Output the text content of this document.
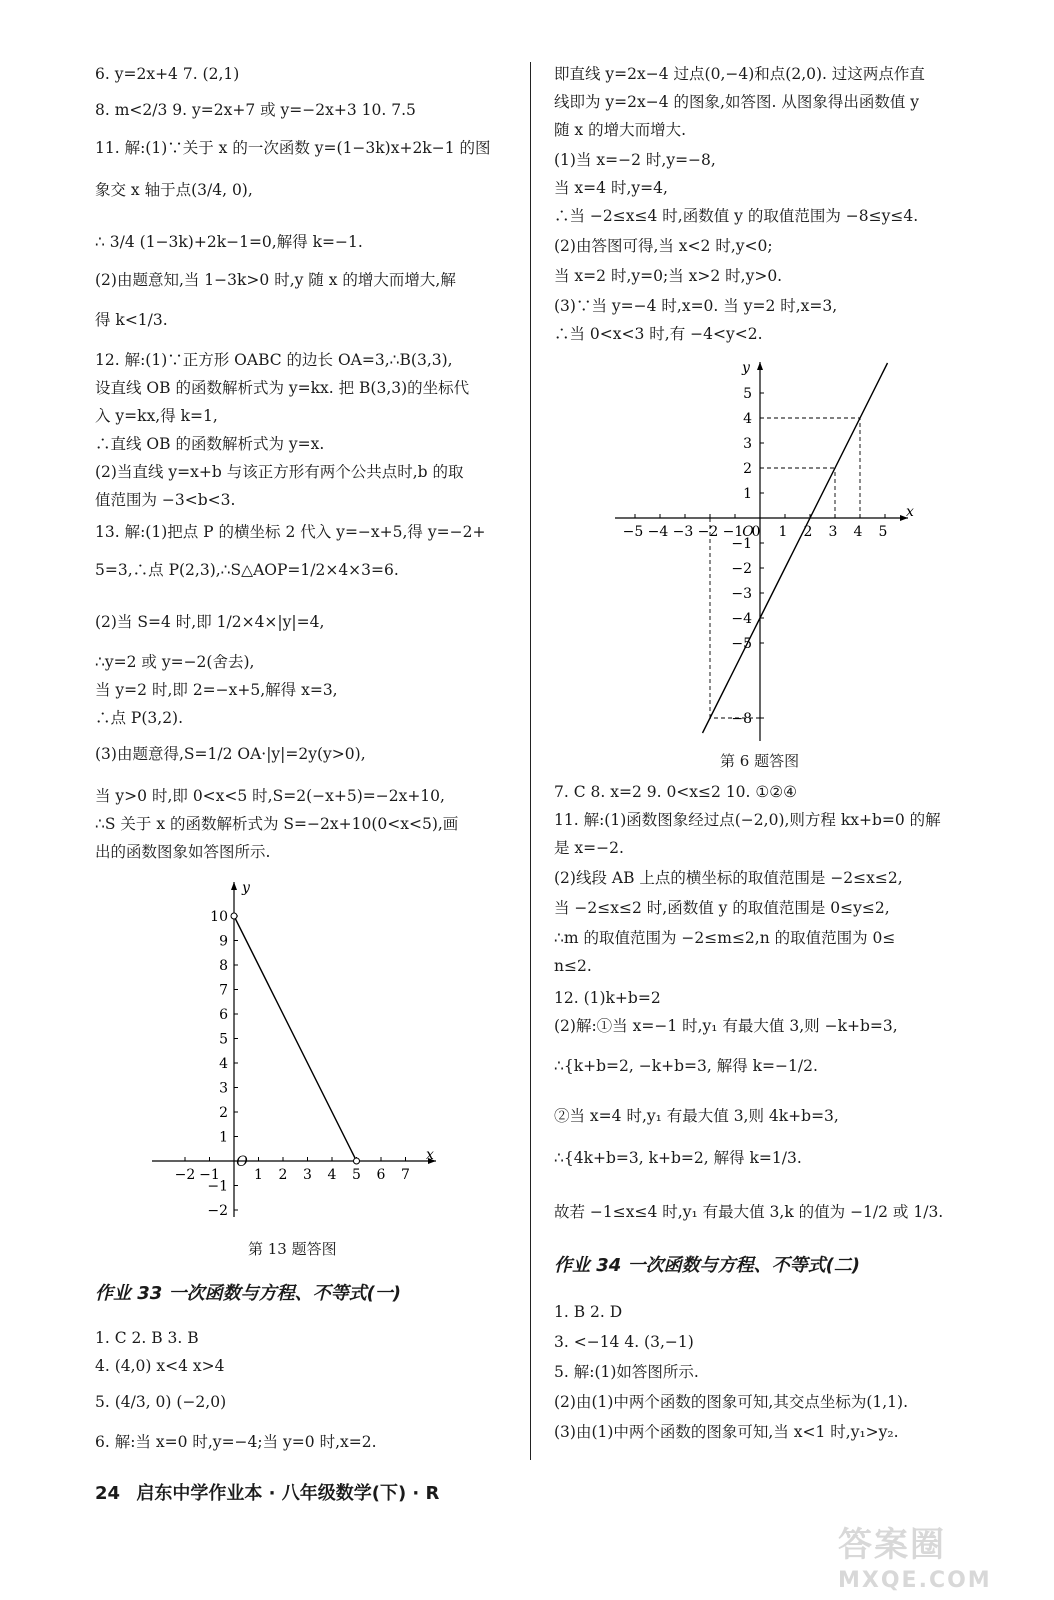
6. y=2x+4 7. (2,1)
8. m<2/3 9. y=2x+7 或 y=−2x+3 10. 7.5
11. 解:(1)∵关于 x 的一次函数 y=(1−3k)x+2k−1 的图
象交 x 轴于点(3/4, 0),
∴ 3/4 (1−3k)+2k−1=0,解得 k=−1.
(2)由题意知,当 1−3k>0 时,y 随 x 的增大而增大,解
得 k<1/3.
12. 解:(1)∵正方形 OABC 的边长 OA=3,∴B(3,3),
设直线 OB 的函数解析式为 y=kx. 把 B(3,3)的坐标代
入 y=kx,得 k=1,
∴直线 OB 的函数解析式为 y=x.
(2)当直线 y=x+b 与该正方形有两个公共点时,b 的取
值范围为 −3<b<3.
13. 解:(1)把点 P 的横坐标 2 代入 y=−x+5,得 y=−2+
5=3,∴点 P(2,3),∴S△AOP=1/2×4×3=6.
(2)当 S=4 时,即 1/2×4×|y|=4,
∴y=2 或 y=−2(舍去),
当 y=2 时,即 2=−x+5,解得 x=3,
∴点 P(3,2).
(3)由题意得,S=1/2 OA·|y|=2y(y>0),
当 y>0 时,即 0<x<5 时,S=2(−x+5)=−2x+10,
∴S 关于 x 的函数解析式为 S=−2x+10(0<x<5),画
出的函数图象如答图所示.
作业 33 一次函数与方程、不等式(一)
1. C 2. B 3. B
4. (4,0) x<4 x>4
5. (4/3, 0) (−2,0)
6. 解:当 x=0 时,y=−4;当 y=0 时,x=2.
即直线 y=2x−4 过点(0,−4)和点(2,0). 过这两点作直
线即为 y=2x−4 的图象,如答图. 从图象得出函数值 y
随 x 的增大而增大.
(1)当 x=−2 时,y=−8,
当 x=4 时,y=4,
∴当 −2≤x≤4 时,函数值 y 的取值范围为 −8≤y≤4.
(2)由答图可得,当 x<2 时,y<0;
当 x=2 时,y=0;当 x>2 时,y>0.
(3)∵当 y=−4 时,x=0. 当 y=2 时,x=3,
∴当 0<x<3 时,有 −4<y<2.
7. C 8. x=2 9. 0<x≤2 10. ①②④
11. 解:(1)函数图象经过点(−2,0),则方程 kx+b=0 的解
是 x=−2.
(2)线段 AB 上点的横坐标的取值范围是 −2≤x≤2,
当 −2≤x≤2 时,函数值 y 的取值范围是 0≤y≤2,
∴m 的取值范围为 −2≤m≤2,n 的取值范围为 0≤
n≤2.
12. (1)k+b=2
(2)解:①当 x=−1 时,y₁ 有最大值 3,则 −k+b=3,
∴{k+b=2, −k+b=3, 解得 k=−1/2.
②当 x=4 时,y₁ 有最大值 3,则 4k+b=3,
∴{4k+b=3, k+b=2, 解得 k=1/3.
故若 −1≤x≤4 时,y₁ 有最大值 3,k 的值为 −1/2 或 1/3.
作业 34 一次函数与方程、不等式(二)
1. B 2. D
3. <−14 4. (3,−1)
5. 解:(1)如答图所示.
(2)由(1)中两个函数的图象可知,其交点坐标为(1,1).
(3)由(1)中两个函数的图象可知,当 x<1 时,y₁>y₂.
x
y
O
−5 −4 −3 −2 −1 0 1 2 3 4 5
1
2
3
4
5
−1
−2
−3
−4
−5
−8
第 6 题答图
x
y
O
−2 −1 1 2 3 4 5 6 7
10
9
8
7
6
5
4
3
2
1
−1
−2
第 13 题答图
24 启东中学作业本 · 八年级数学(下) · R
答案圈
MXQE.COM
